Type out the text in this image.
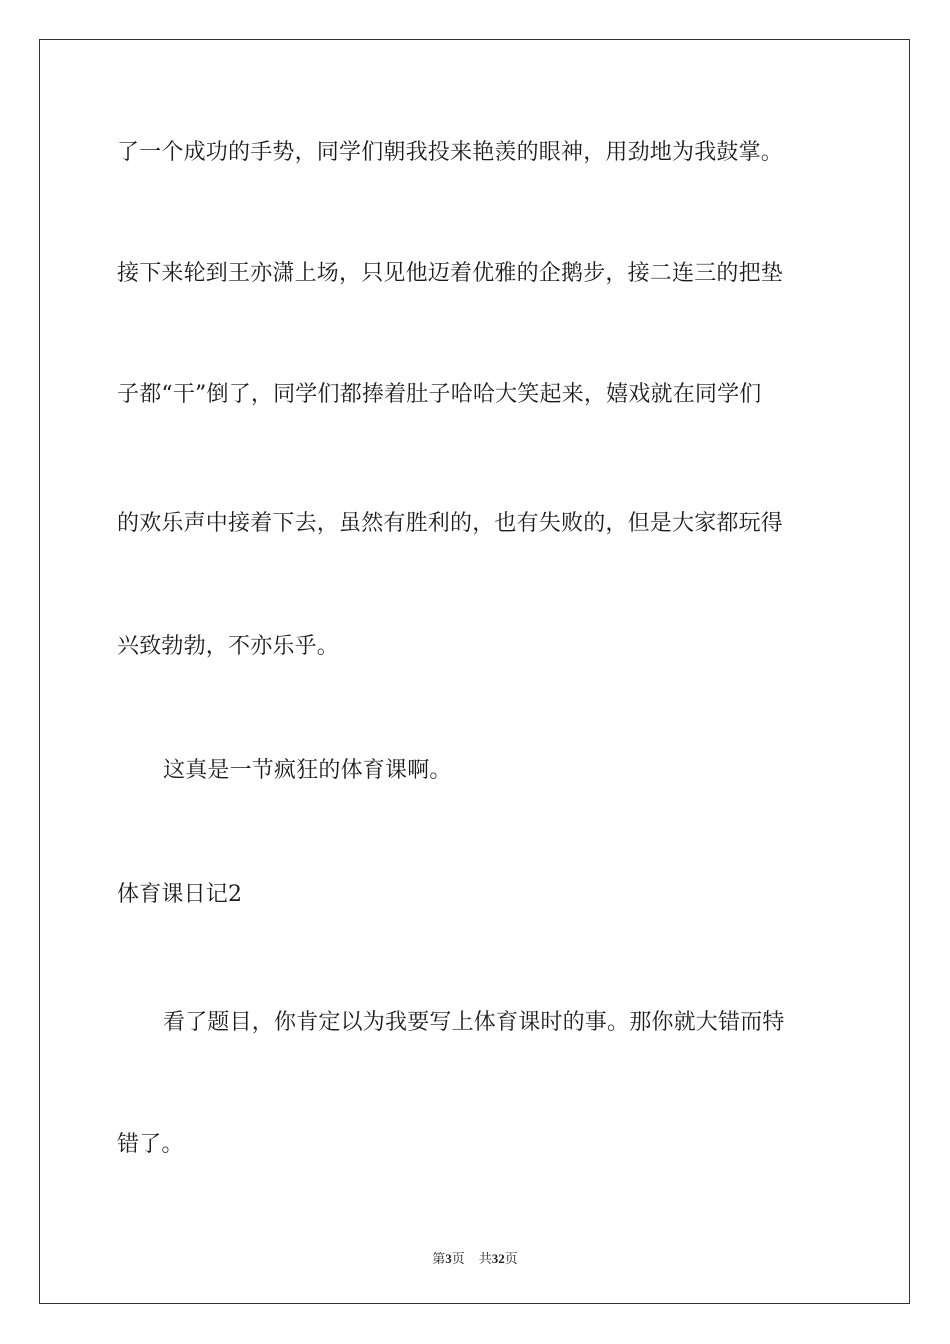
了一个成功的手势，同学们朝我投来艳羡的眼神，用劲地为我鼓掌。
接下来轮到王亦潇上场，只见他迈着优雅的企鹅步，接二连三的把垫
子都“干”倒了，同学们都捧着肚子哈哈大笑起来，嬉戏就在同学们
的欢乐声中接着下去，虽然有胜利的，也有失败的，但是大家都玩得
兴致勃勃，不亦乐乎。
这真是一节疯狂的体育课啊。
体育课日记2
看了题目，你肯定以为我要写上体育课时的事。那你就大错而特
错了。
第3页 共32页
